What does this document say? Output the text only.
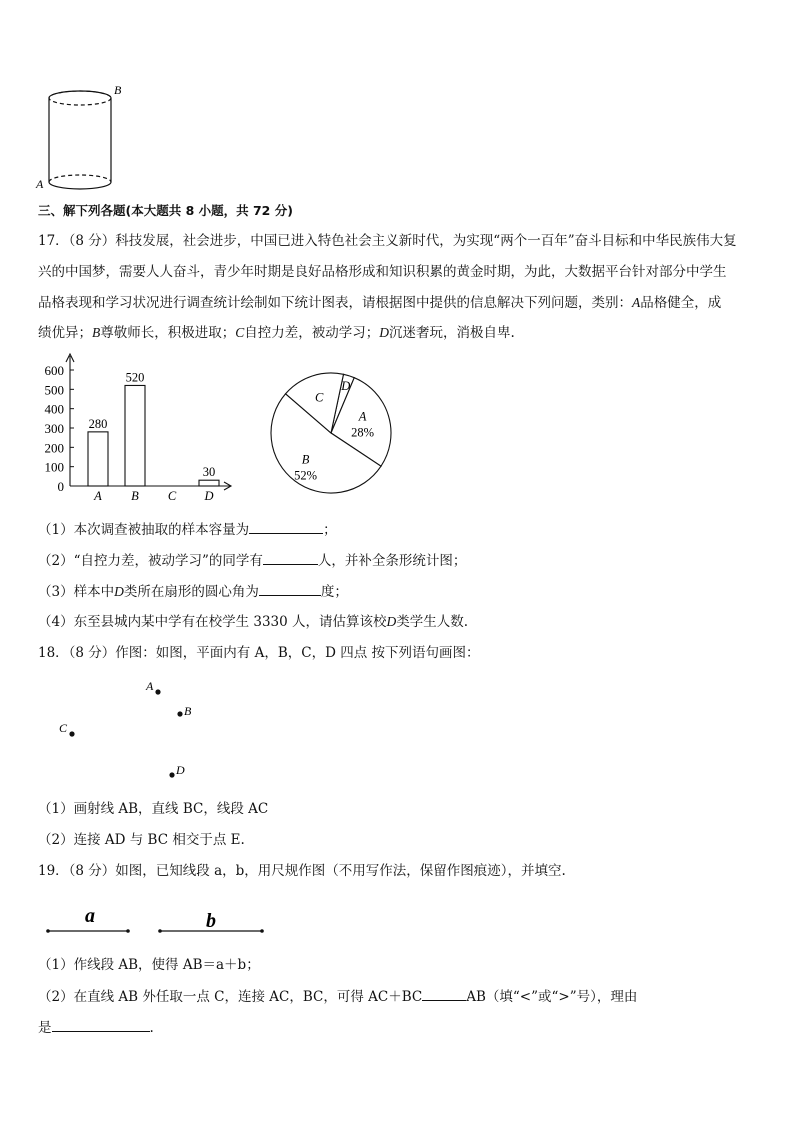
B
A
三、解下列各题(本大题共 8 小题，共 72 分)
17．（8 分）科技发展，社会进步，中国已进入特色社会主义新时代，为实现“两个一百年”奋斗目标和中华民族伟大复
兴的中国梦，需要人人奋斗，青少年时期是良好品格形成和知识积累的黄金时期，为此，大数据平台针对部分中学生
品格表现和学习状况进行调查统计绘制如下统计图表，请根据图中提供的信息解决下列问题，类别：A品格健全，成
绩优异；B尊敬师长，积极进取；C自控力差，被动学习；D沉迷奢玩，消极自卑.
0
100
200
300
400
500
600
280
A
520
B C
30
D
D
A
28%
B
52%
C
（1）本次调查被抽取的样本容量为	；
（2）“自控力差，被动学习”的同学有	人，并补全条形统计图；
（3）样本中D类所在扇形的圆心角为	度；
（4）东至县城内某中学有在校学生 3330 人，请估算该校D类学生人数.
18．（8 分）作图：如图，平面内有 A，B，C，D 四点 按下列语句画图：
A
B
C
D
（1）画射线 AB，直线 BC，线段 AC
（2）连接 AD 与 BC 相交于点 E.
19．（8 分）如图，已知线段 a，b，用尺规作图（不用写作法，保留作图痕迹），并填空.
a	b
（1）作线段 AB，使得 AB＝a＋b；
（2）在直线 AB 外任取一点 C，连接 AC，BC，可得 AC＋BC	AB（填“<”或“>”号），理由
是	.
